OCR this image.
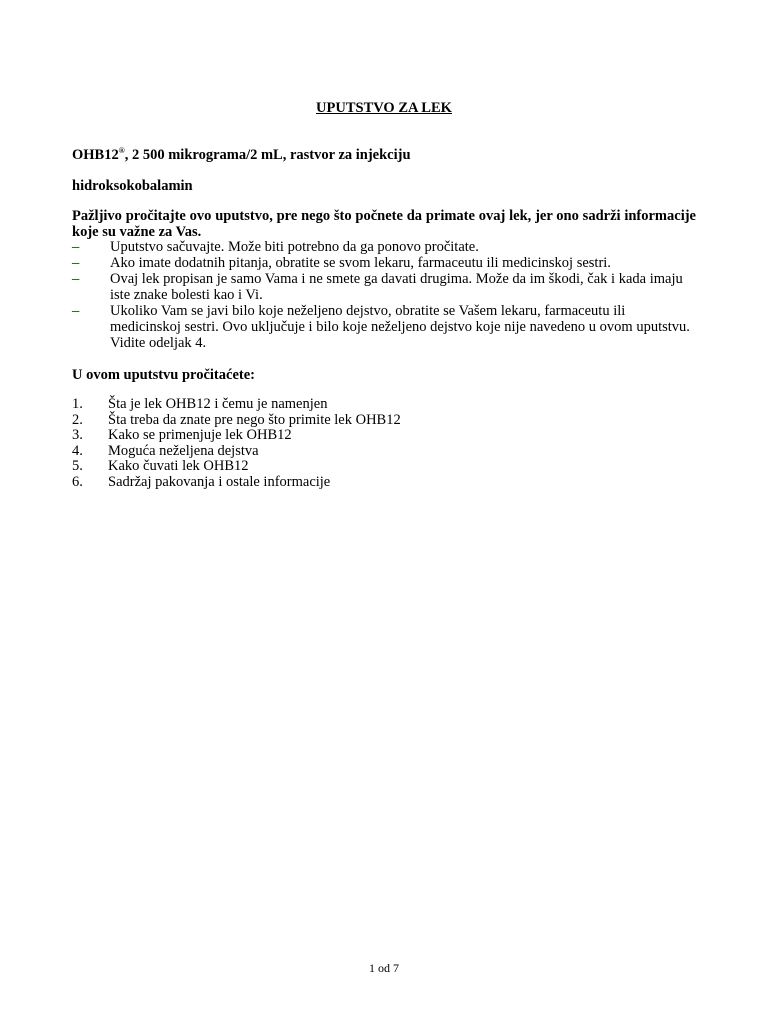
UPUTSTVO ZA LEK
OHB12®, 2 500 mikrograma/2 mL, rastvor za injekciju
hidroksokobalamin
Pažljivo pročitajte ovo uputstvo, pre nego što počnete da primate ovaj lek, jer ono sadrži informacije koje su važne za Vas.
– Uputstvo sačuvajte. Može biti potrebno da ga ponovo pročitate.
– Ako imate dodatnih pitanja, obratite se svom lekaru, farmaceutu ili medicinskoj sestri.
– Ovaj lek propisan je samo Vama i ne smete ga davati drugima. Može da im škodi, čak i kada imaju iste znake bolesti kao i Vi.
– Ukoliko Vam se javi bilo koje neželjeno dejstvo, obratite se Vašem lekaru, farmaceutu ili medicinskoj sestri. Ovo uključuje i bilo koje neželjeno dejstvo koje nije navedeno u ovom uputstvu. Vidite odeljak 4.
U ovom uputstvu pročitaćete:
1. Šta je lek OHB12 i čemu je namenjen
2. Šta treba da znate pre nego što primite lek OHB12
3. Kako se primenjuje lek OHB12
4. Moguća neželjena dejstva
5. Kako čuvati lek OHB12
6. Sadržaj pakovanja i ostale informacije
1 od 7
